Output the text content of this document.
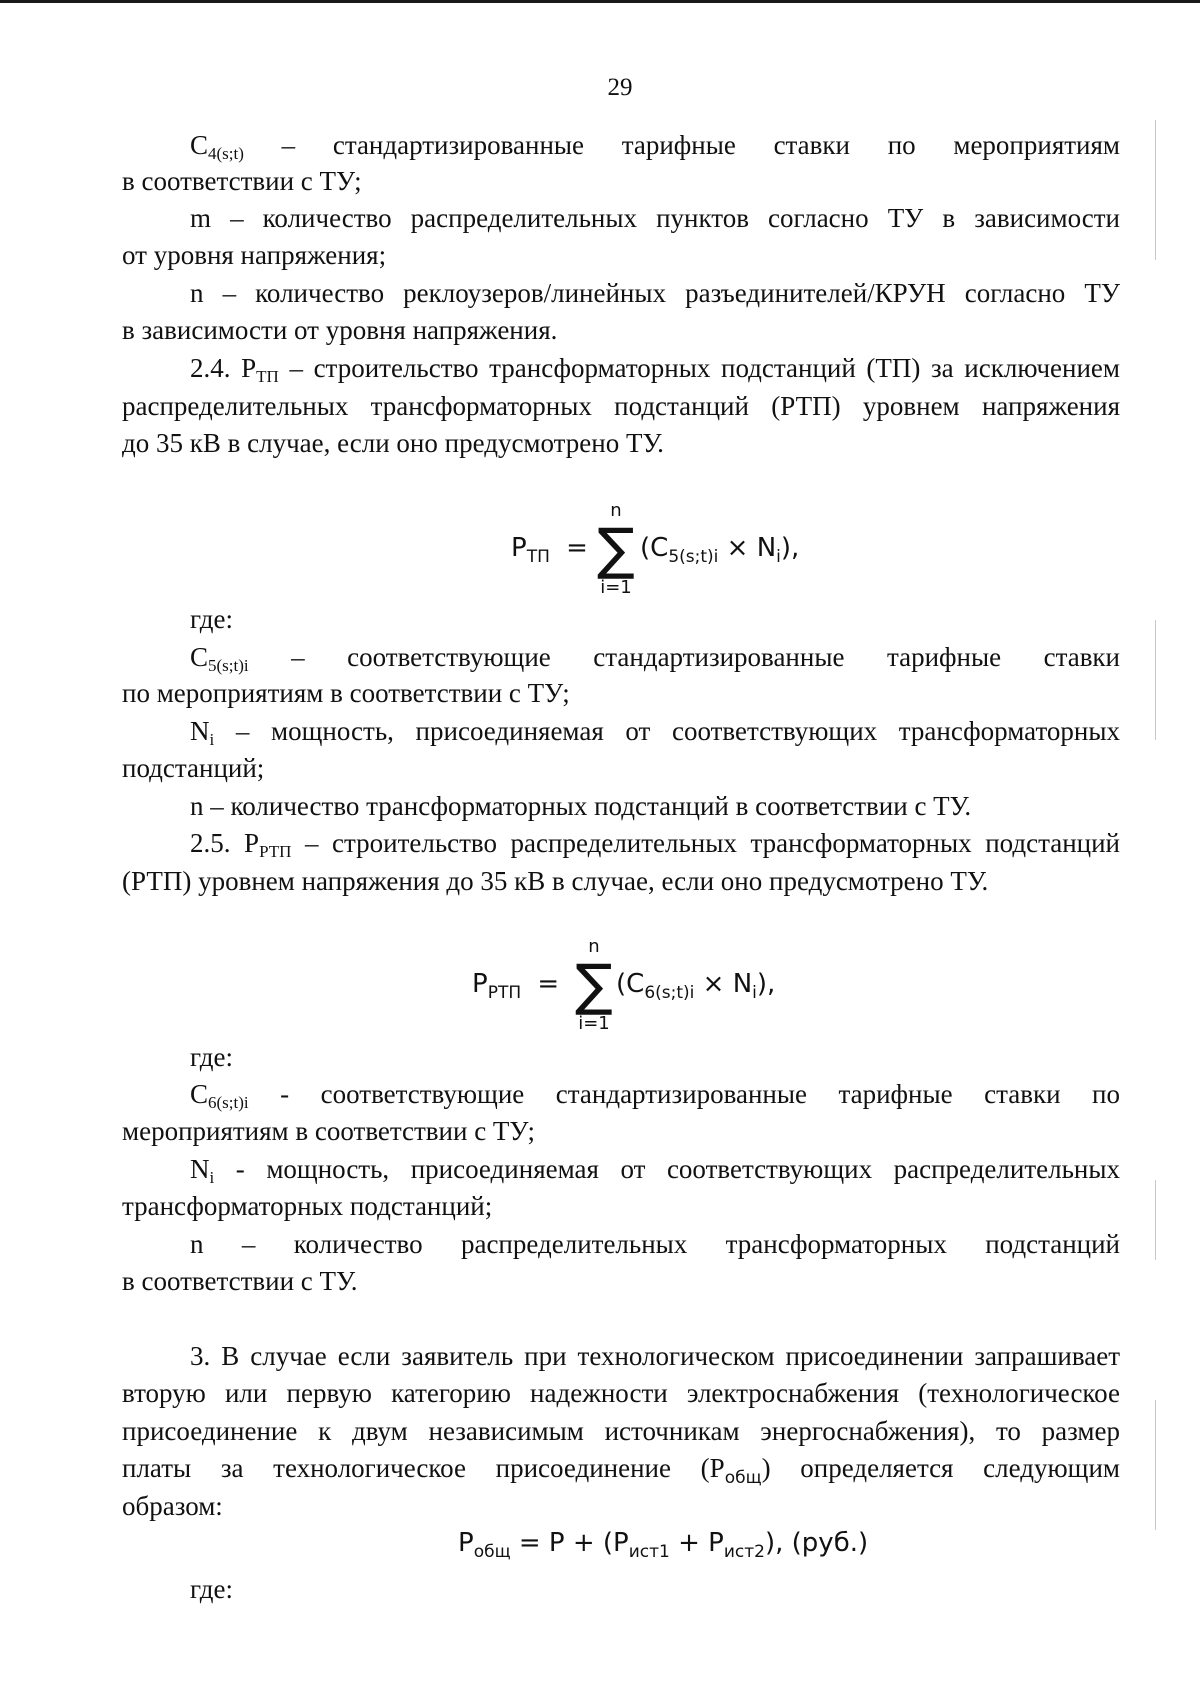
29
$C_{4(s;t)}$ – стандартизированные тарифные ставки по мероприятиям
в соответствии с ТУ;
m – количество распределительных пунктов согласно ТУ в зависимости
от уровня напряжения;
n – количество реклоузеров/линейных разъединителей/КРУН согласно ТУ
в зависимости от уровня напряжения.
2.4. $P_{ТП}$ – строительство трансформаторных подстанций (ТП) за исключением
распределительных трансформаторных подстанций (РТП) уровнем напряжения
до 35 кВ в случае, если оно предусмотрено ТУ.
$P_{ТП}$ =
n
∑
i=1
$(C_{5(s;t)i} \times N_i)$,
где:
$C_{5(s;t)i}$ – соответствующие стандартизированные тарифные ставки
по мероприятиям в соответствии с ТУ;
$N_i$ – мощность, присоединяемая от соответствующих трансформаторных
подстанций;
n – количество трансформаторных подстанций в соответствии с ТУ.
2.5. $P_{РТП}$ – строительство распределительных трансформаторных подстанций
(РТП) уровнем напряжения до 35 кВ в случае, если оно предусмотрено ТУ.
$P_{РТП}$ =
n
∑
i=1
$(C_{6(s;t)i} \times N_i)$,
где:
$C_{6(s;t)i}$ - соответствующие стандартизированные тарифные ставки по
мероприятиям в соответствии с ТУ;
$N_i$ - мощность, присоединяемая от соответствующих распределительных
трансформаторных подстанций;
n – количество распределительных трансформаторных подстанций
в соответствии с ТУ.
3. В случае если заявитель при технологическом присоединении запрашивает
вторую или первую категорию надежности электроснабжения (технологическое
присоединение к двум независимым источникам энергоснабжения), то размер
платы за технологическое присоединение $(P_{общ})$ определяется следующим
образом:
$P_{общ} = P + (P_{ист1} + P_{ист2})$, (руб.)
где:
